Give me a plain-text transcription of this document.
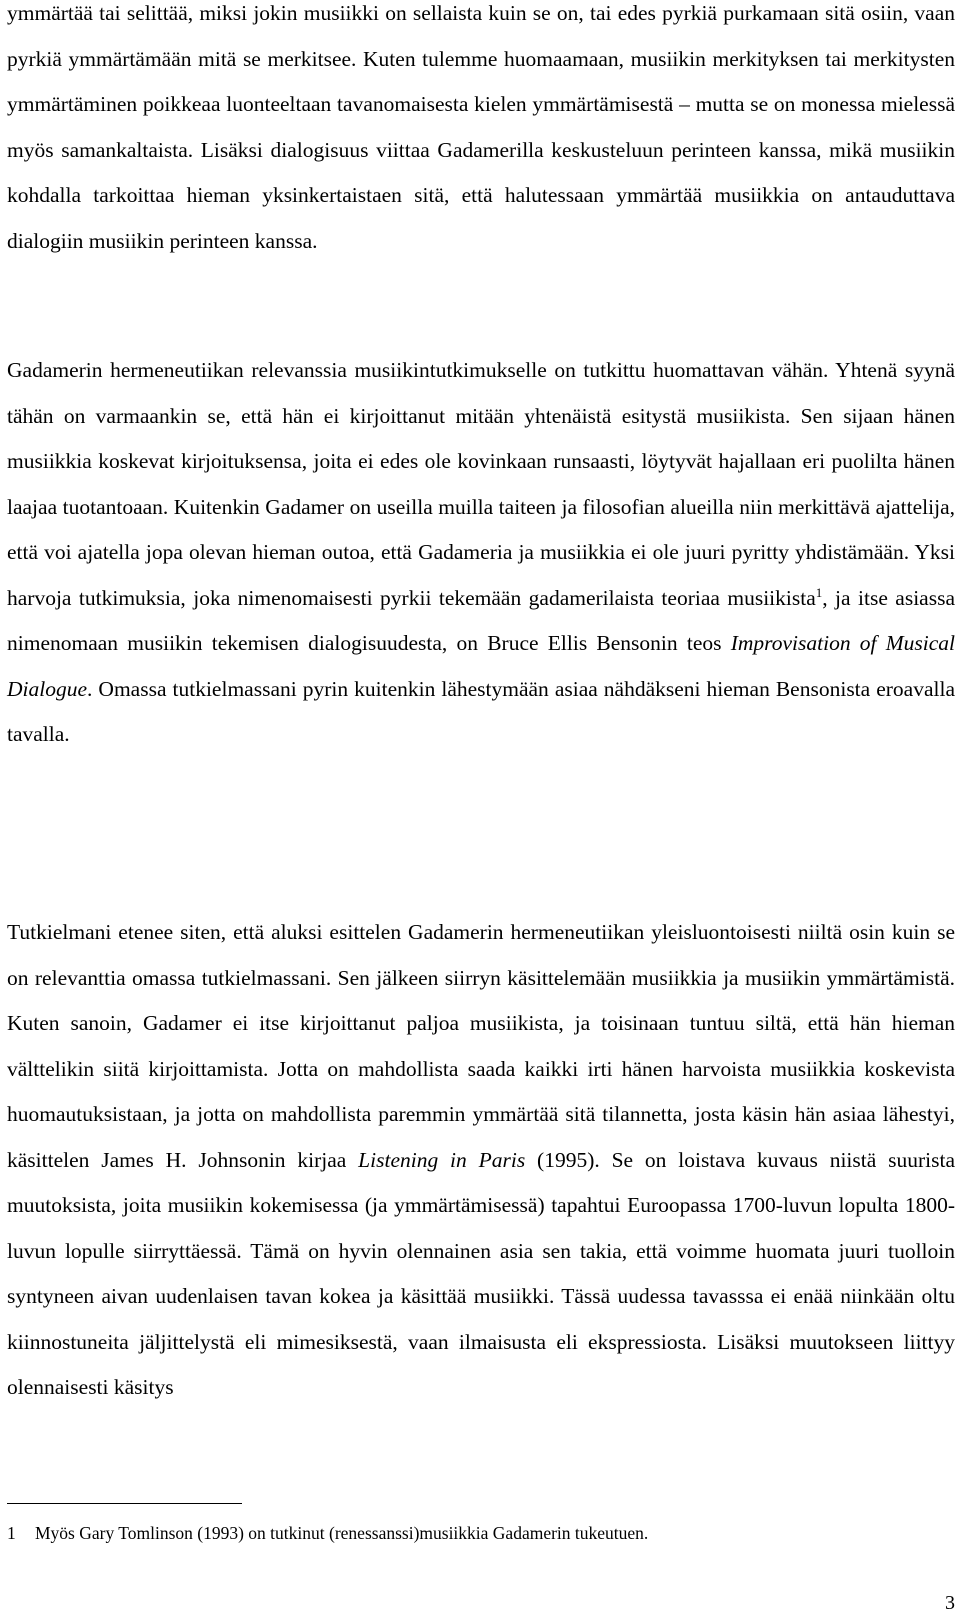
ymmärtää tai selittää, miksi jokin musiikki on sellaista kuin se on, tai edes pyrkiä purkamaan sitä osiin, vaan pyrkiä ymmärtämään mitä se merkitsee. Kuten tulemme huomaamaan, musiikin merkityksen tai merkitysten ymmärtäminen poikkeaa luonteeltaan tavanomaisesta kielen ymmärtämisestä – mutta se on monessa mielessä myös samankaltaista. Lisäksi dialogisuus viittaa Gadamerilla keskusteluun perinteen kanssa, mikä musiikin kohdalla tarkoittaa hieman yksinkertaistaen sitä, että halutessaan ymmärtää musiikkia on antauduttava dialogiin musiikin perinteen kanssa.

Gadamerin hermeneutiikan relevanssia musiikintutkimukselle on tutkittu huomattavan vähän. Yhtenä syynä tähän on varmaankin se, että hän ei kirjoittanut mitään yhtenäistä esitystä musiikista. Sen sijaan hänen musiikkia koskevat kirjoituksensa, joita ei edes ole kovinkaan runsaasti, löytyvät hajallaan eri puolilta hänen laajaa tuotantoaan. Kuitenkin Gadamer on useilla muilla taiteen ja filosofian alueilla niin merkittävä ajattelija, että voi ajatella jopa olevan hieman outoa, että Gadameria ja musiikkia ei ole juuri pyritty yhdistämään. Yksi harvoja tutkimuksia, joka nimenomaisesti pyrkii tekemään gadamerilaista teoriaa musiikista$^1$, ja itse asiassa nimenomaan musiikin tekemisen dialogisuudesta, on Bruce Ellis Bensonin teos Improvisation of Musical Dialogue. Omassa tutkielmassani pyrin kuitenkin lähestymään asiaa nähdäkseni hieman Bensonista eroavalla tavalla.

Tutkielmani etenee siten, että aluksi esittelen Gadamerin hermeneutiikan yleisluontoisesti niiltä osin kuin se on relevanttia omassa tutkielmassani. Sen jälkeen siirryn käsittelemään musiikkia ja musiikin ymmärtämistä. Kuten sanoin, Gadamer ei itse kirjoittanut paljoa musiikista, ja toisinaan tuntuu siltä, että hän hieman välttelikin siitä kirjoittamista. Jotta on mahdollista saada kaikki irti hänen harvoista musiikkia koskevista huomautuksistaan, ja jotta on mahdollista paremmin ymmärtää sitä tilannetta, josta käsin hän asiaa lähestyi, käsittelen James H. Johnsonin kirjaa Listening in Paris (1995). Se on loistava kuvaus niistä suurista muutoksista, joita musiikin kokemisessa (ja ymmärtämisessä) tapahtui Euroopassa 1700-luvun lopulta 1800-luvun lopulle siirryttäessä. Tämä on hyvin olennainen asia sen takia, että voimme huomata juuri tuolloin syntyneen aivan uudenlaisen tavan kokea ja käsittää musiikki. Tässä uudessa tavasssa ei enää niinkään oltu kiinnostuneita jäljittelystä eli mimesiksestä, vaan ilmaisusta eli ekspressiosta. Lisäksi muutokseen liittyy olennaisesti käsitys

1 Myös Gary Tomlinson (1993) on tutkinut (renessanssi)musiikkia Gadamerin tukeutuen.
3
